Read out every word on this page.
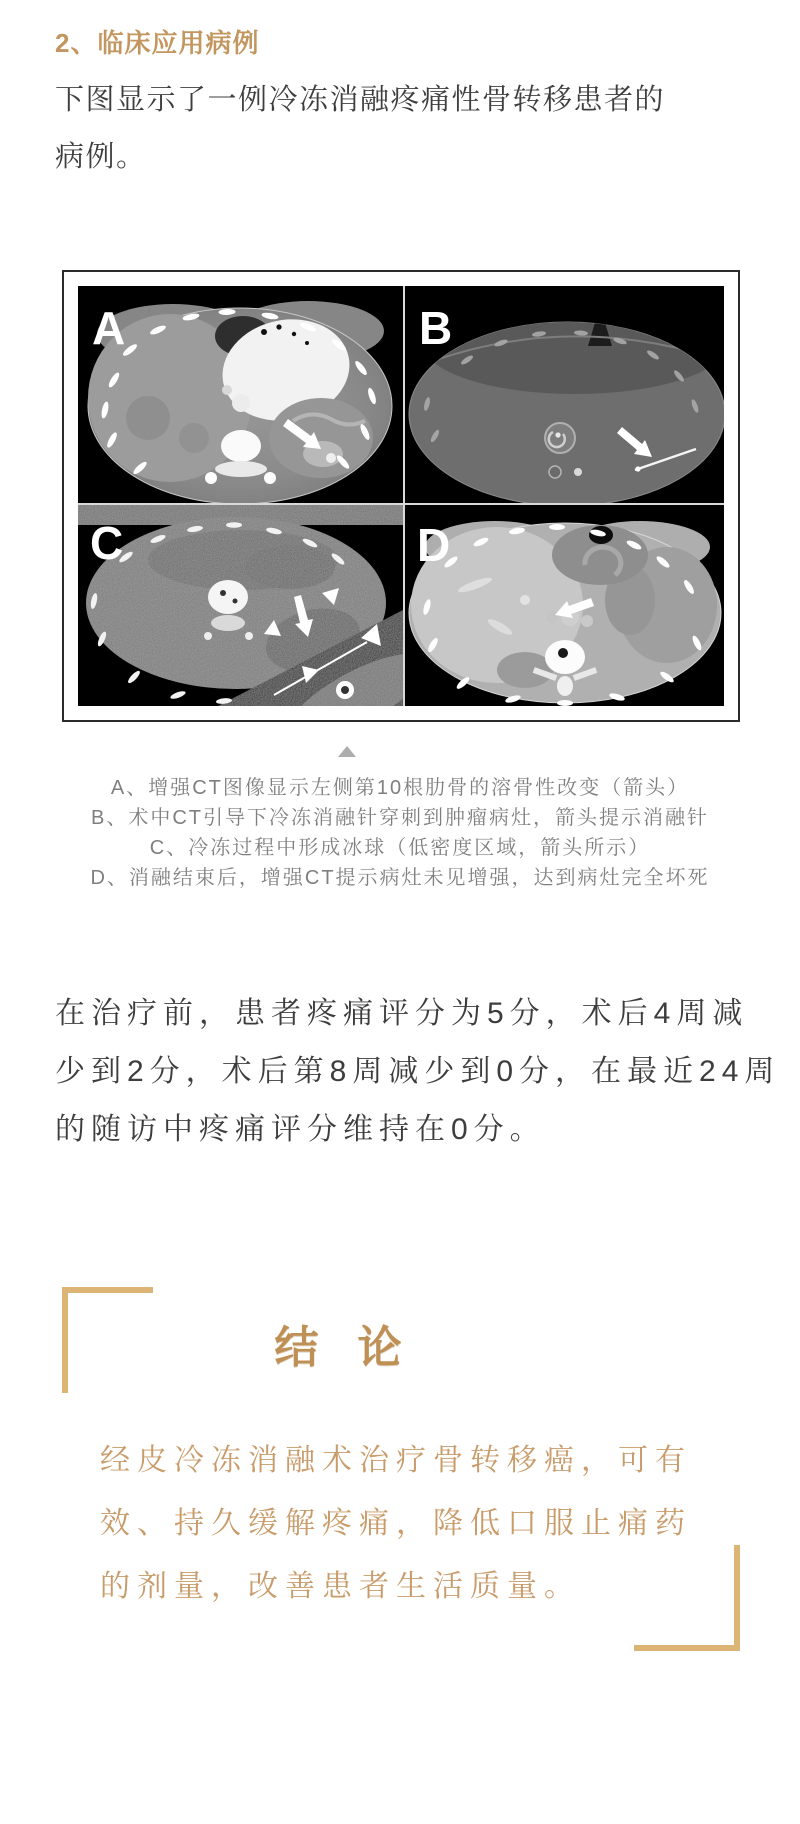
2、临床应用病例
下图显示了一例冷冻消融疼痛性骨转移患者的
病例。
A	B
C	D
A、增强CT图像显示左侧第10根肋骨的溶骨性改变（箭头）
B、术中CT引导下冷冻消融针穿刺到肿瘤病灶，箭头提示消融针
C、冷冻过程中形成冰球（低密度区域，箭头所示）
D、消融结束后，增强CT提示病灶未见增强，达到病灶完全坏死
在治疗前，患者疼痛评分为5分，术后4周减
少到2分，术后第8周减少到0分，在最近24周
的随访中疼痛评分维持在0分。
结 论
经皮冷冻消融术治疗骨转移癌，可有
效、持久缓解疼痛，降低口服止痛药
的剂量，改善患者生活质量。
